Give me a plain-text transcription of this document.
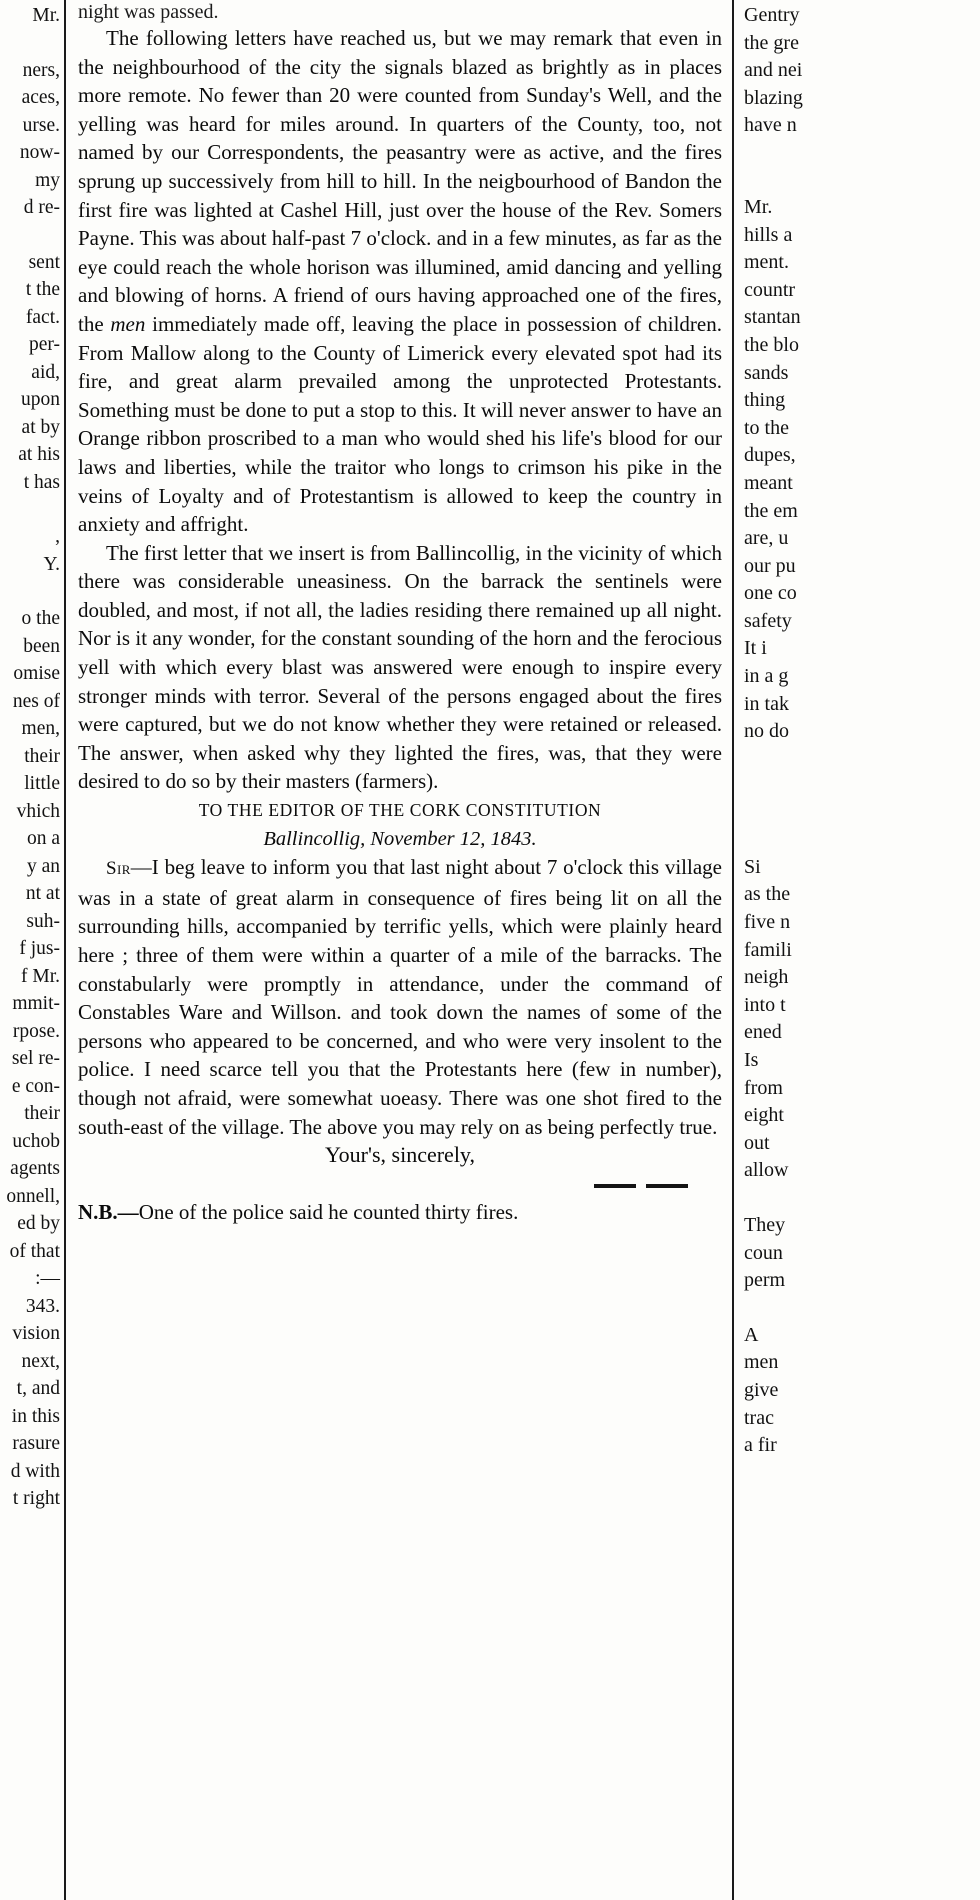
Mr.

ners,

aces,

urse.

now-

my

d re-

sent

t the

fact.

per-

aid,

upon

at by

at his

t has

,

Y.

o the

been

omise

nes of

men,

their

little

vhich

on a

y an

nt at

suh-

f jus-

f Mr.

mmit-

rpose.

sel re-

e con-

their

uchob

agents

onnell,

ed by

of that

:—

343.

vision

next,

t, and

in this

rasure

d with

t right

night was passed.

The following letters have reached us, but we may remark that even in the neighbourhood of the city the signals blazed as brightly as in places more remote. No fewer than 20 were counted from Sunday's Well, and the yelling was heard for miles around. In quarters of the County, too, not named by our Correspondents, the peasantry were as active, and the fires sprung up successively from hill to hill. In the neigbourhood of Bandon the first fire was lighted at Cashel Hill, just over the house of the Rev. Somers Payne. This was about half-past 7 o'clock. and in a few minutes, as far as the eye could reach the whole horison was illumined, amid dancing and yelling and blowing of horns. A friend of ours having approached one of the fires, the men immediately made off, leaving the place in possession of children. From Mallow along to the County of Limerick every elevated spot had its fire, and great alarm prevailed among the unprotected Protestants. Something must be done to put a stop to this. It will never answer to have an Orange ribbon proscribed to a man who would shed his life's blood for our laws and liberties, while the traitor who longs to crimson his pike in the veins of Loyalty and of Protestantism is allowed to keep the country in anxiety and affright.

The first letter that we insert is from Ballincollig, in the vicinity of which there was considerable uneasiness. On the barrack the sentinels were doubled, and most, if not all, the ladies residing there remained up all night. Nor is it any wonder, for the constant sounding of the horn and the ferocious yell with which every blast was answered were enough to inspire every stronger minds with terror. Several of the persons engaged about the fires were captured, but we do not know whether they were retained or released. The answer, when asked why they lighted the fires, was, that they were desired to do so by their masters (farmers).

TO THE EDITOR OF THE CORK CONSTITUTION

Ballincollig, November 12, 1843.

Sir—I beg leave to inform you that last night about 7 o'clock this village was in a state of great alarm in consequence of fires being lit on all the surrounding hills, accompanied by terrific yells, which were plainly heard here ; three of them were within a quarter of a mile of the barracks. The constabularly were promptly in attendance, under the command of Constables Ware and Willson. and took down the names of some of the persons who appeared to be concerned, and who were very insolent to the police. I need scarce tell you that the Protestants here (few in number), though not afraid, were somewhat uoeasy. There was one shot fired to the south-east of the village. The above you may rely on as being perfectly true.

Your's, sincerely,

N.B.—One of the police said he counted thirty fires.

Gentry

the gre

and nei

blazing

have n

Mr.

hills a

ment.

countr

stantan

the blo

sands

thing

to the

dupes,

meant

the em

are, u

our pu

one co

safety

It i

in a g

in tak

no do

Si

as the

five n

famili

neigh

into t

ened

Is

from

eight

out

allow

They

coun

perm

A

men

give

trac

a fir
